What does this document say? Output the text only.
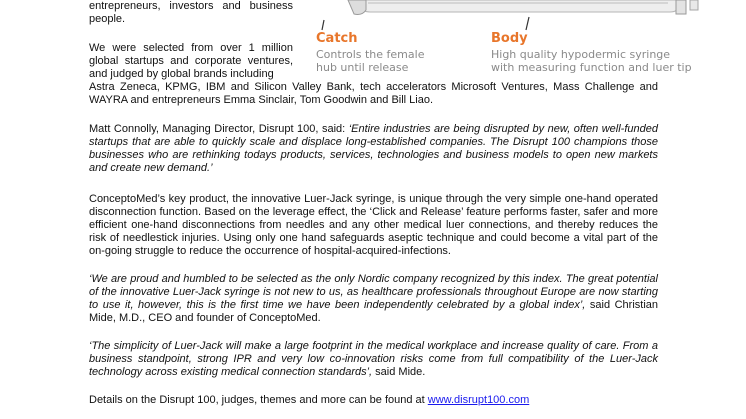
entrepreneurs, investors and business people.

We were selected from over 1 million global startups and corporate ventures, and judged by global brands including

Astra Zeneca, KPMG, IBM and Silicon Valley Bank, tech accelerators Microsoft Ventures, Mass Challenge and WAYRA and entrepreneurs Emma Sinclair, Tom Goodwin and Bill Liao.

Catch
Controls the female
hub until release
Body
High quality hypodermic syringe
with measuring function and luer tip

Matt Connolly, Managing Director, Disrupt 100, said: ‘Entire industries are being disrupted by new, often well-funded startups that are able to quickly scale and displace long-established companies. The Disrupt 100 champions those businesses who are rethinking todays products, services, technologies and business models to open new markets and create new demand.’

ConceptoMed’s key product, the innovative Luer-Jack syringe, is unique through the very simple one-hand operated disconnection function. Based on the leverage effect, the ‘Click and Release’ feature performs faster, safer and more efficient one-hand disconnections from needles and any other medical luer connections, and thereby reduces the risk of needlestick injuries. Using only one hand safeguards aseptic technique and could become a vital part of the on-going struggle to reduce the occurrence of hospital-acquired-infections.

‘We are proud and humbled to be selected as the only Nordic company recognized by this index. The great potential of the innovative Luer-Jack syringe is not new to us, as healthcare professionals throughout Europe are now starting to use it, however, this is the first time we have been independently celebrated by a global index’, said Christian Mide, M.D., CEO and founder of ConceptoMed.

‘The simplicity of Luer-Jack will make a large footprint in the medical workplace and increase quality of care. From a business standpoint, strong IPR and very low co-innovation risks come from full compatibility of the Luer-Jack technology across existing medical connection standards’, said Mide.

Details on the Disrupt 100, judges, themes and more can be found at www.disrupt100.com
